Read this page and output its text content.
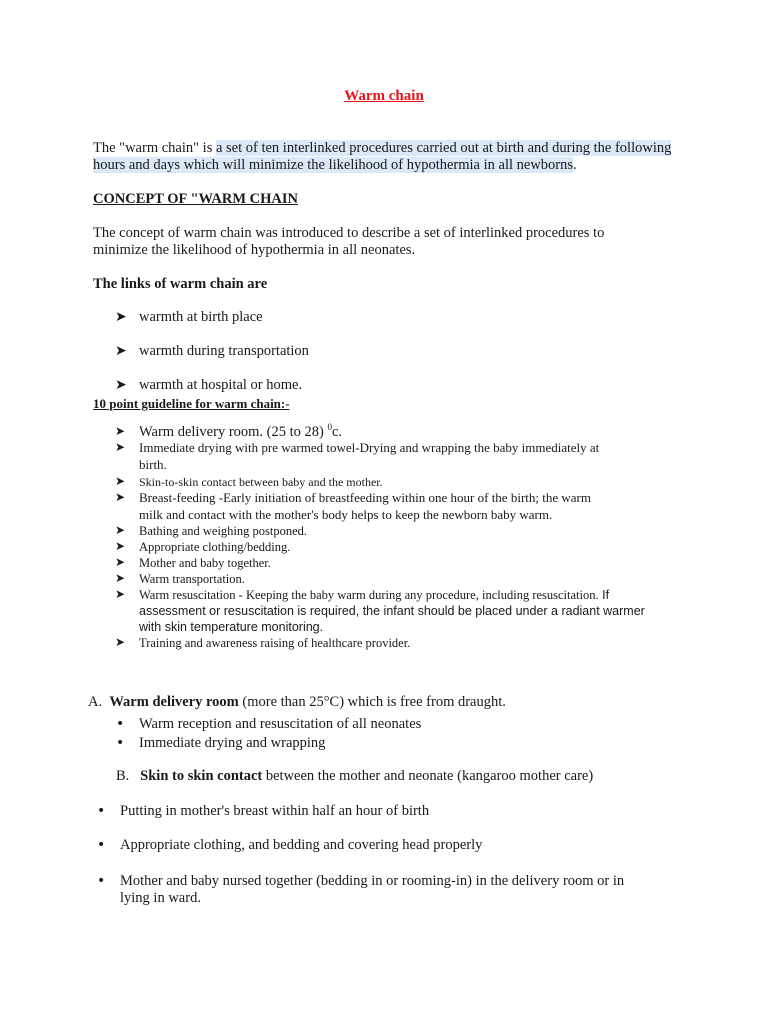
Warm chain
The "warm chain" is a set of ten interlinked procedures carried out at birth and during the following
hours and days which will minimize the likelihood of hypothermia in all newborns.
CONCEPT OF "WARM CHAIN
The concept of warm chain was introduced to describe a set of interlinked procedures to
minimize the likelihood of hypothermia in all neonates.
The links of warm chain are
➤ warmth at birth place
➤ warmth during transportation
➤ warmth at hospital or home.
10 point guideline for warm chain:-
➤ Warm delivery room. (25 to 28) $^0$c.
➤ Immediate drying with pre warmed towel-Drying and wrapping the baby immediately at
birth.
➤ Skin-to-skin contact between baby and the mother.
➤ Breast-feeding -Early initiation of breastfeeding within one hour of the birth; the warm
milk and contact with the mother's body helps to keep the newborn baby warm.
➤ Bathing and weighing postponed.
➤ Appropriate clothing/bedding.
➤ Mother and baby together.
➤ Warm transportation.
➤ Warm resuscitation - Keeping the baby warm during any procedure, including resuscitation. If
assessment or resuscitation is required, the infant should be placed under a radiant warmer
with skin temperature monitoring.
➤ Training and awareness raising of healthcare provider.
A. Warm delivery room (more than 25°C) which is free from draught.
• Warm reception and resuscitation of all neonates
• Immediate drying and wrapping
B. Skin to skin contact between the mother and neonate (kangaroo mother care)
• Putting in mother's breast within half an hour of birth
• Appropriate clothing, and bedding and covering head properly
• Mother and baby nursed together (bedding in or rooming-in) in the delivery room or in
lying in ward.
